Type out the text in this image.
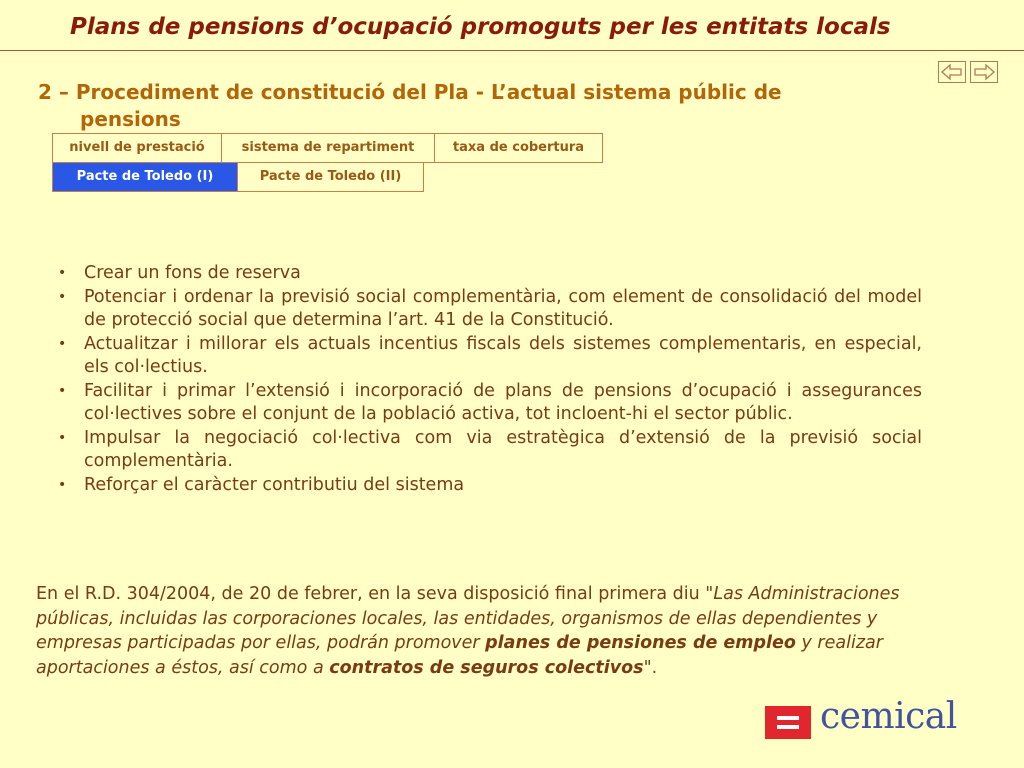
Plans de pensions d’ocupació promoguts per les entitats locals
2 – Procediment de constitució del Pla - L’actual sistema públic de
pensions
nivell de prestació	sistema de repartiment	taxa de cobertura
Pacte de Toledo (I)	Pacte de Toledo (II)
• Crear un fons de reserva
• Potenciar i ordenar la previsió social complementària, com element de consolidació del model de protecció social que determina l’art. 41 de la Constitució.
• Actualitzar i millorar els actuals incentius fiscals dels sistemes complementaris, en especial, els col·lectius.
• Facilitar i primar l’extensió i incorporació de plans de pensions d’ocupació i assegurances col·lectives sobre el conjunt de la població activa, tot incloent-hi el sector públic.
• Impulsar la negociació col·lectiva com via estratègica d’extensió de la previsió social complementària.
• Reforçar el caràcter contributiu del sistema
En el R.D. 304/2004, de 20 de febrer, en la seva disposició final primera diu "Las Administraciones públicas, incluidas las corporaciones locales, las entidades, organismos de ellas dependientes y empresas participadas por ellas, podrán promover planes de pensiones de empleo y realizar aportaciones a éstos, así como a contratos de seguros colectivos".
cemical
